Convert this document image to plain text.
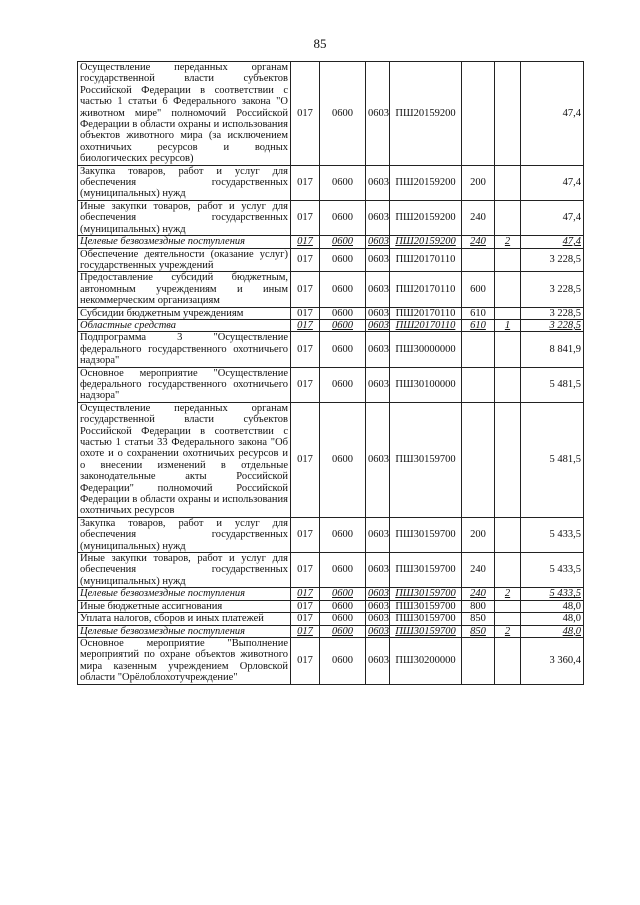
85
Осуществление переданных органам государственной власти субъектов Российской Федерации в соответствии с частью 1 статьи 6 Федерального закона "О животном мире" полномочий Российской Федерации в области охраны и использования объектов животного мира (за исключением охотничьих ресурсов и водных биологических ресурсов)	017	0600	0603	ПШ20159200			47,4
Закупка товаров, работ и услуг для обеспечения государственных (муниципальных) нужд	017	0600	0603	ПШ20159200	200		47,4
Иные закупки товаров, работ и услуг для обеспечения государственных (муниципальных) нужд	017	0600	0603	ПШ20159200	240		47,4
Целевые безвозмездные поступления	017	0600	0603	ПШ20159200	240	2	47,4
Обеспечение деятельности (оказание услуг) государственных учреждений	017	0600	0603	ПШ20170110			3 228,5
Предоставление субсидий бюджетным, автономным учреждениям и иным некоммерческим организациям	017	0600	0603	ПШ20170110	600		3 228,5
Субсидии бюджетным учреждениям	017	0600	0603	ПШ20170110	610		3 228,5
Областные средства	017	0600	0603	ПШ20170110	610	1	3 228,5
Подпрограмма 3 "Осуществление федерального государственного охотничьего надзора"	017	0600	0603	ПШ30000000			8 841,9
Основное мероприятие "Осуществление федерального государственного охотничьего надзора"	017	0600	0603	ПШ30100000			5 481,5
Осуществление переданных органам государственной власти субъектов Российской Федерации в соответствии с частью 1 статьи 33 Федерального закона "Об охоте и о сохранении охотничьих ресурсов и о внесении изменений в отдельные законодательные акты Российской Федерации" полномочий Российской Федерации в области охраны и использования охотничьих ресурсов	017	0600	0603	ПШ30159700			5 481,5
Закупка товаров, работ и услуг для обеспечения государственных (муниципальных) нужд	017	0600	0603	ПШ30159700	200		5 433,5
Иные закупки товаров, работ и услуг для обеспечения государственных (муниципальных) нужд	017	0600	0603	ПШ30159700	240		5 433,5
Целевые безвозмездные поступления	017	0600	0603	ПШ30159700	240	2	5 433,5
Иные бюджетные ассигнования	017	0600	0603	ПШ30159700	800		48,0
Уплата налогов, сборов и иных платежей	017	0600	0603	ПШ30159700	850		48,0
Целевые безвозмездные поступления	017	0600	0603	ПШ30159700	850	2	48,0
Основное мероприятие "Выполнение мероприятий по охране объектов животного мира казенным учреждением Орловской области "Орёлоблохотучреждение"	017	0600	0603	ПШ30200000			3 360,4
